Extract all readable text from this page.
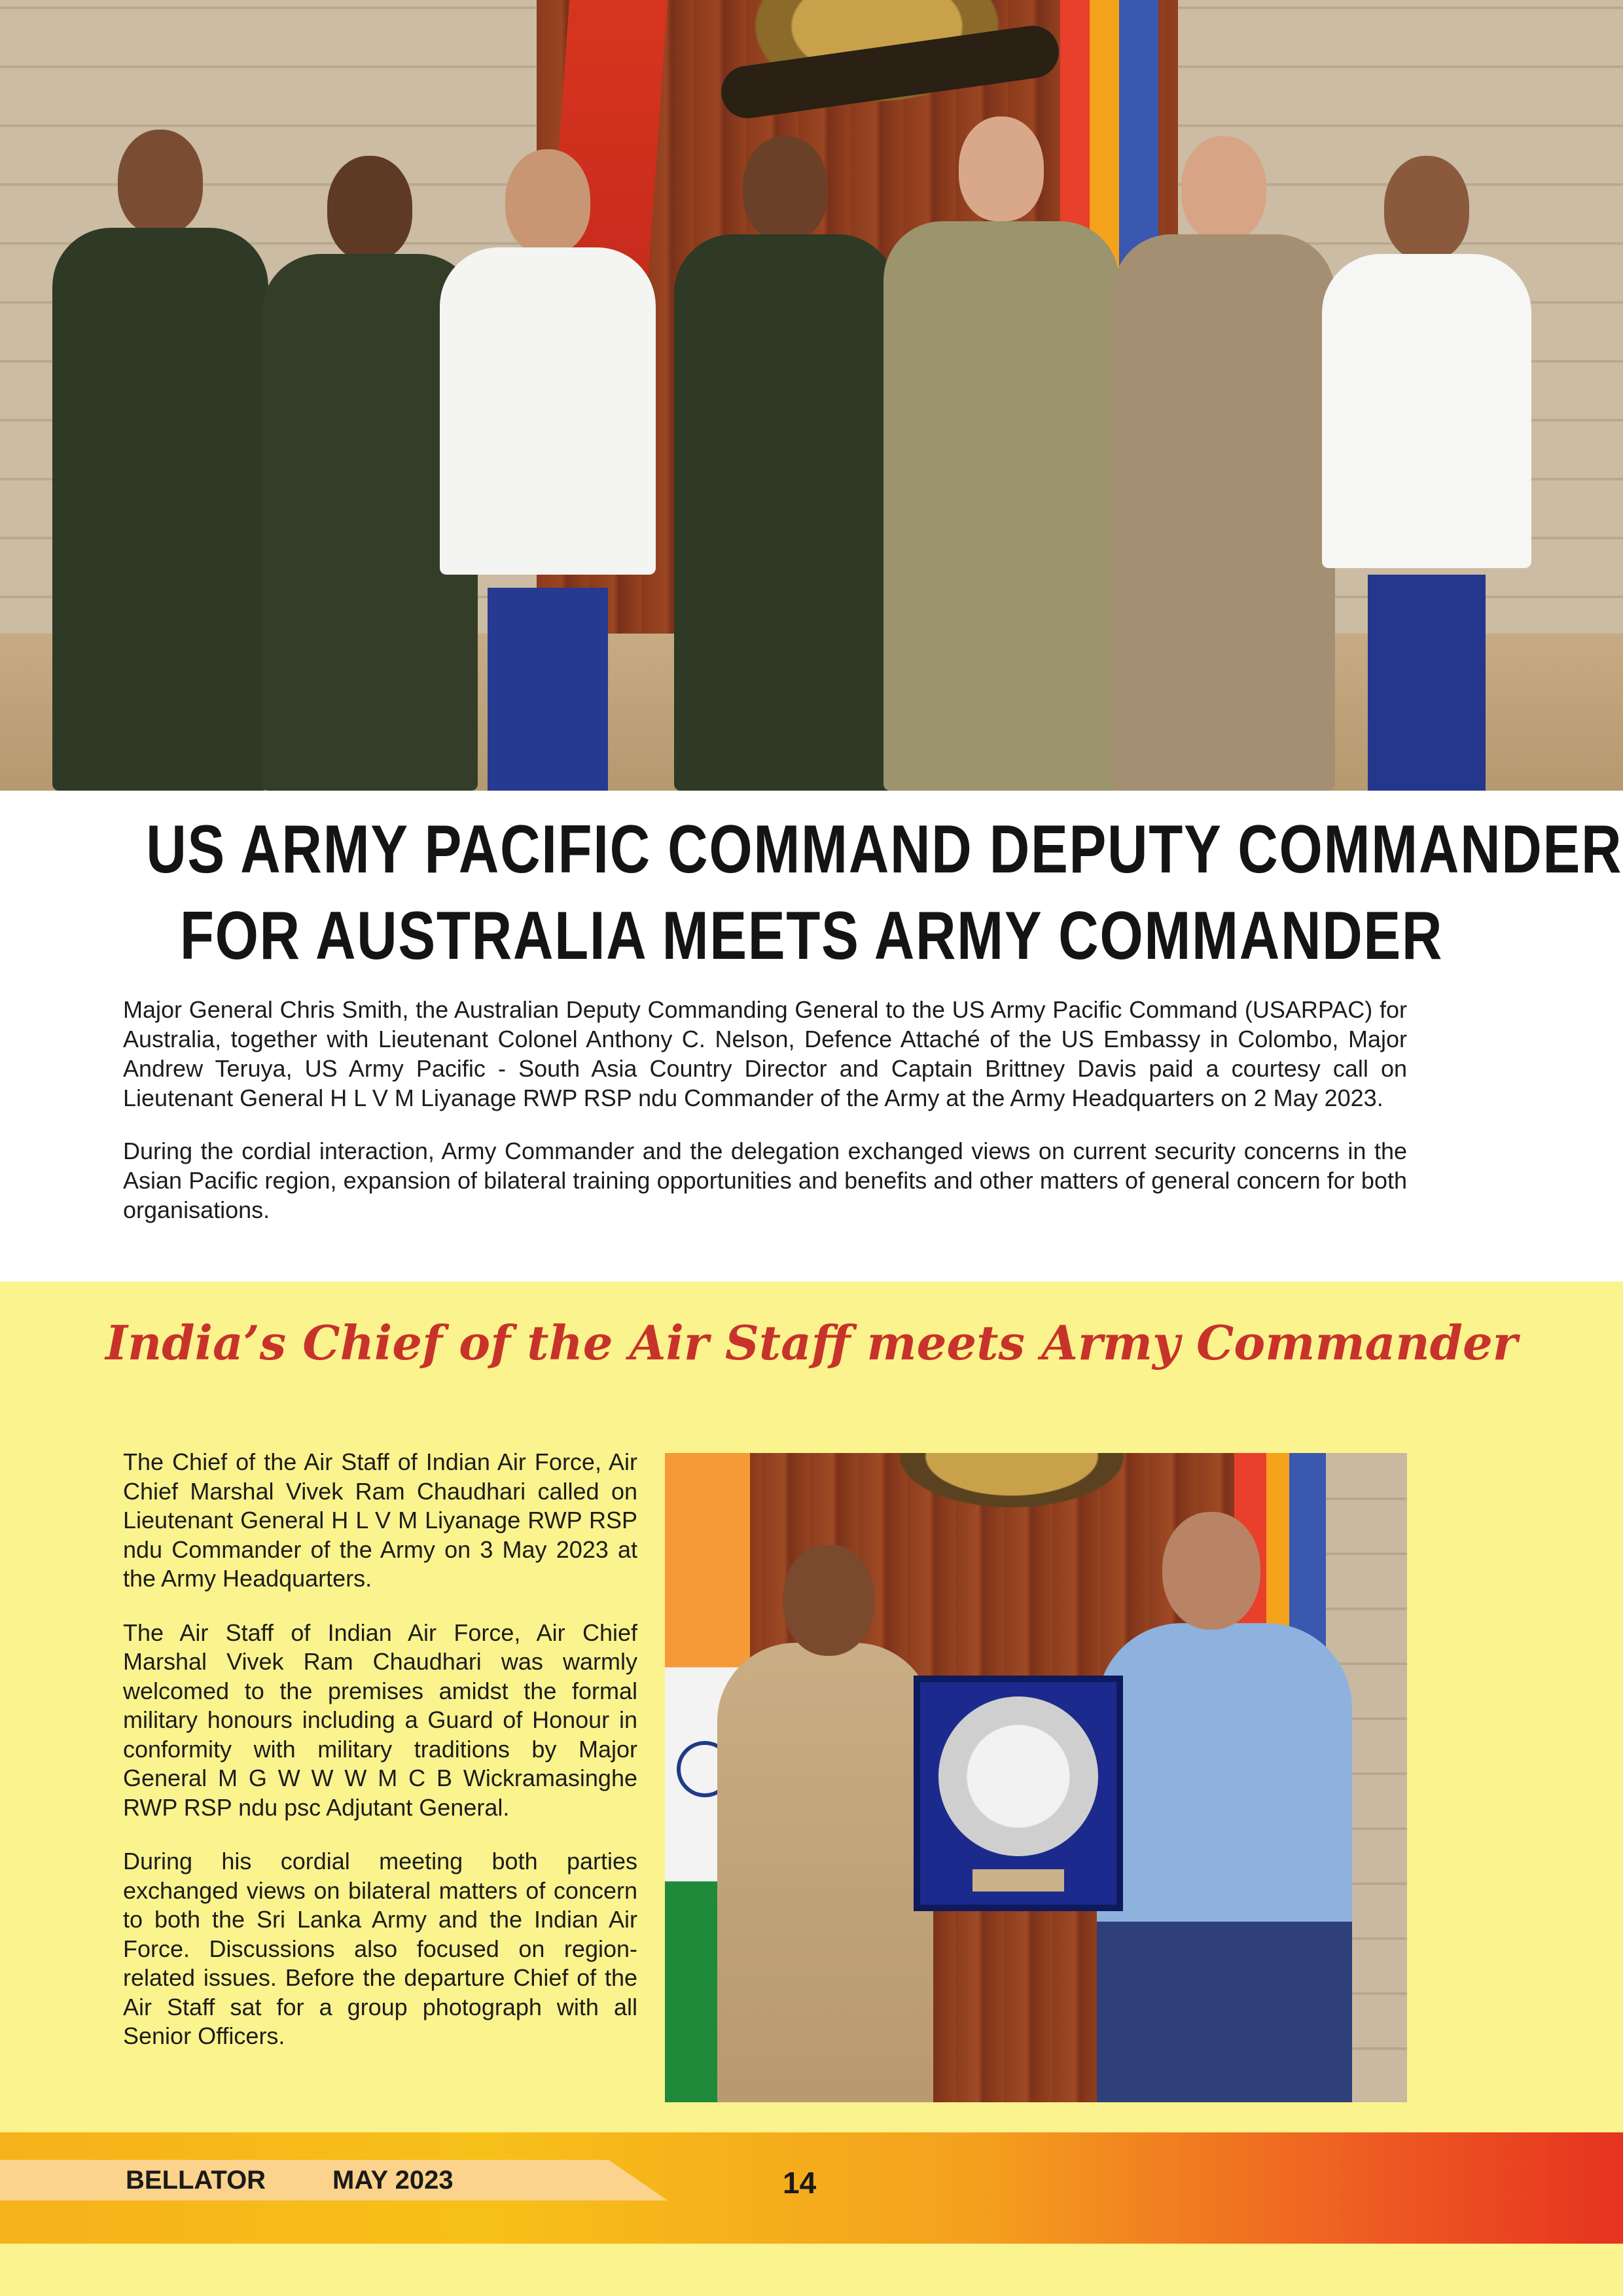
US ARMY PACIFIC COMMAND DEPUTY COMMANDER
FOR AUSTRALIA MEETS ARMY COMMANDER

Major General Chris Smith, the Australian Deputy Commanding General to the US Army Pacific Command (USARPAC) for Australia, together with Lieutenant Colonel Anthony C. Nelson, Defence Attaché of the US Embassy in Colombo, Major Andrew Teruya, US Army Pacific - South Asia Country Director and Captain Brittney Davis paid a courtesy call on Lieutenant General H L V M Liyanage RWP RSP ndu Commander of the Army at the Army Headquarters on 2 May 2023.

During the cordial interaction, Army Commander and the delegation exchanged views on current security concerns in the Asian Pacific region, expansion of bilateral training opportunities and benefits and other matters of general concern for both organisations.

India’s Chief of the Air Staff meets Army Commander

The Chief of the Air Staff of Indian Air Force, Air Chief Marshal Vivek Ram Chaudhari called on Lieutenant General H L V M Liyanage RWP RSP ndu Commander of the Army on 3 May 2023 at the Army Headquarters.

The Air Staff of Indian Air Force, Air Chief Marshal Vivek Ram Chaudhari was warmly welcomed to the premises amidst the formal military honours including a Guard of Honour in conformity with military traditions by Major General M G W W W M C B Wickramasinghe RWP RSP ndu psc Adjutant General.

During his cordial meeting both parties exchanged views on bilateral matters of concern to both the Sri Lanka Army and the Indian Air Force. Discussions also focused on region-related issues. Before the departure Chief of the Air Staff sat for a group photograph with all Senior Officers.

BELLATOR	MAY 2023	14
